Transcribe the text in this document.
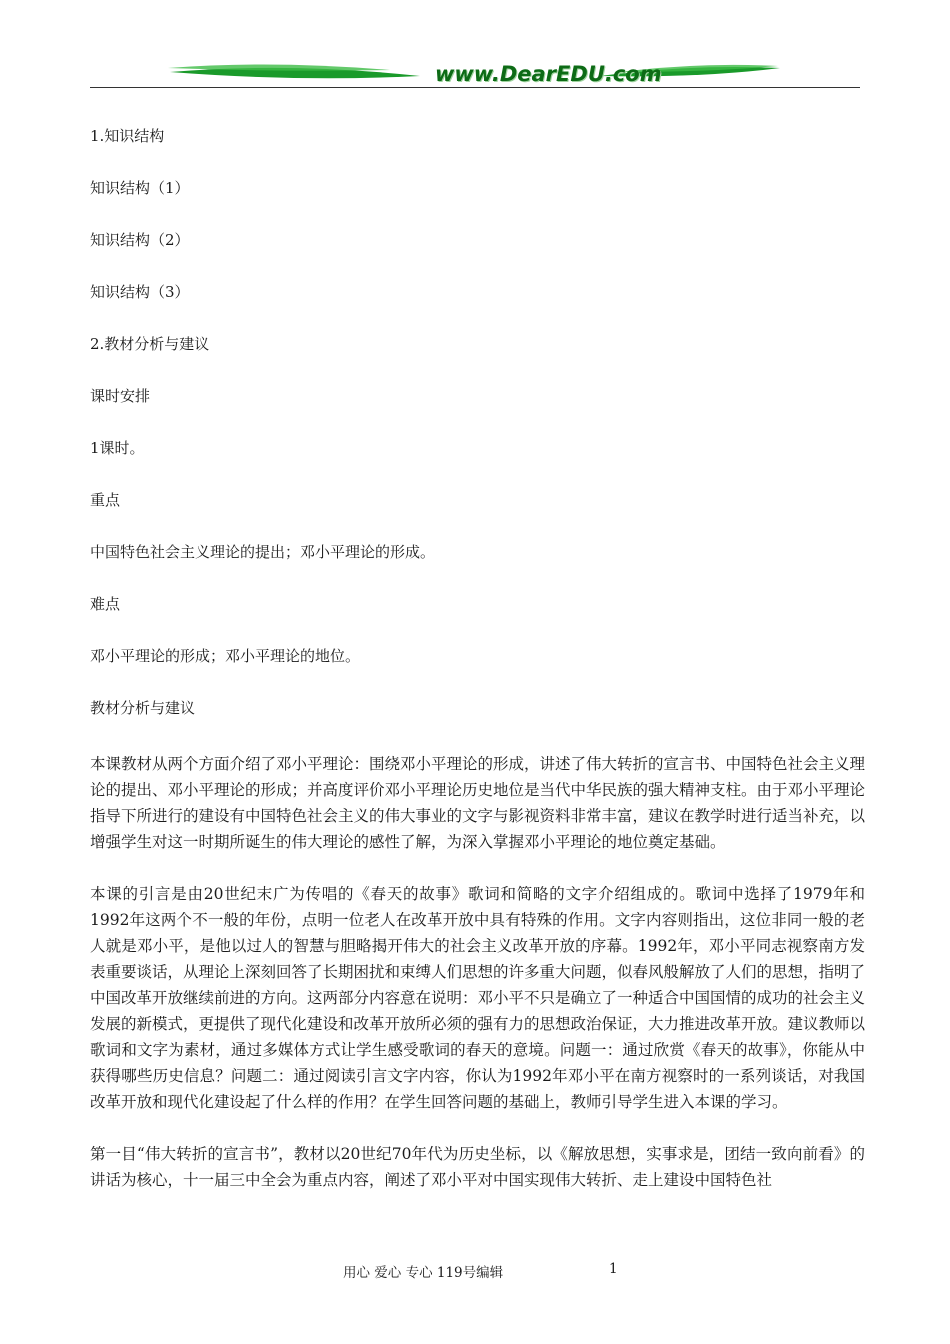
www.DearEDU.com

1.知识结构

知识结构（1）

知识结构（2）

知识结构（3）

2.教材分析与建议

课时安排

1课时。

重点

中国特色社会主义理论的提出；邓小平理论的形成。

难点

邓小平理论的形成；邓小平理论的地位。

教材分析与建议

本课教材从两个方面介绍了邓小平理论：围绕邓小平理论的形成，讲述了伟大转折的宣言书、中国特色社会主义理论的提出、邓小平理论的形成；并高度评价邓小平理论历史地位是当代中华民族的强大精神支柱。由于邓小平理论指导下所进行的建设有中国特色社会主义的伟大事业的文字与影视资料非常丰富，建议在教学时进行适当补充，以增强学生对这一时期所诞生的伟大理论的感性了解，为深入掌握邓小平理论的地位奠定基础。

本课的引言是由20世纪末广为传唱的《春天的故事》歌词和简略的文字介绍组成的。歌词中选择了1979年和1992年这两个不一般的年份，点明一位老人在改革开放中具有特殊的作用。文字内容则指出，这位非同一般的老人就是邓小平，是他以过人的智慧与胆略揭开伟大的社会主义改革开放的序幕。1992年，邓小平同志视察南方发表重要谈话，从理论上深刻回答了长期困扰和束缚人们思想的许多重大问题，似春风般解放了人们的思想，指明了中国改革开放继续前进的方向。这两部分内容意在说明：邓小平不只是确立了一种适合中国国情的成功的社会主义发展的新模式，更提供了现代化建设和改革开放所必须的强有力的思想政治保证，大力推进改革开放。建议教师以歌词和文字为素材，通过多媒体方式让学生感受歌词的春天的意境。问题一：通过欣赏《春天的故事》，你能从中获得哪些历史信息？问题二：通过阅读引言文字内容，你认为1992年邓小平在南方视察时的一系列谈话，对我国改革开放和现代化建设起了什么样的作用？在学生回答问题的基础上，教师引导学生进入本课的学习。

第一目“伟大转折的宣言书”，教材以20世纪70年代为历史坐标，以《解放思想，实事求是，团结一致向前看》的讲话为核心，十一届三中全会为重点内容，阐述了邓小平对中国实现伟大转折、走上建设中国特色社

用心 爱心 专心 119号编辑	1
